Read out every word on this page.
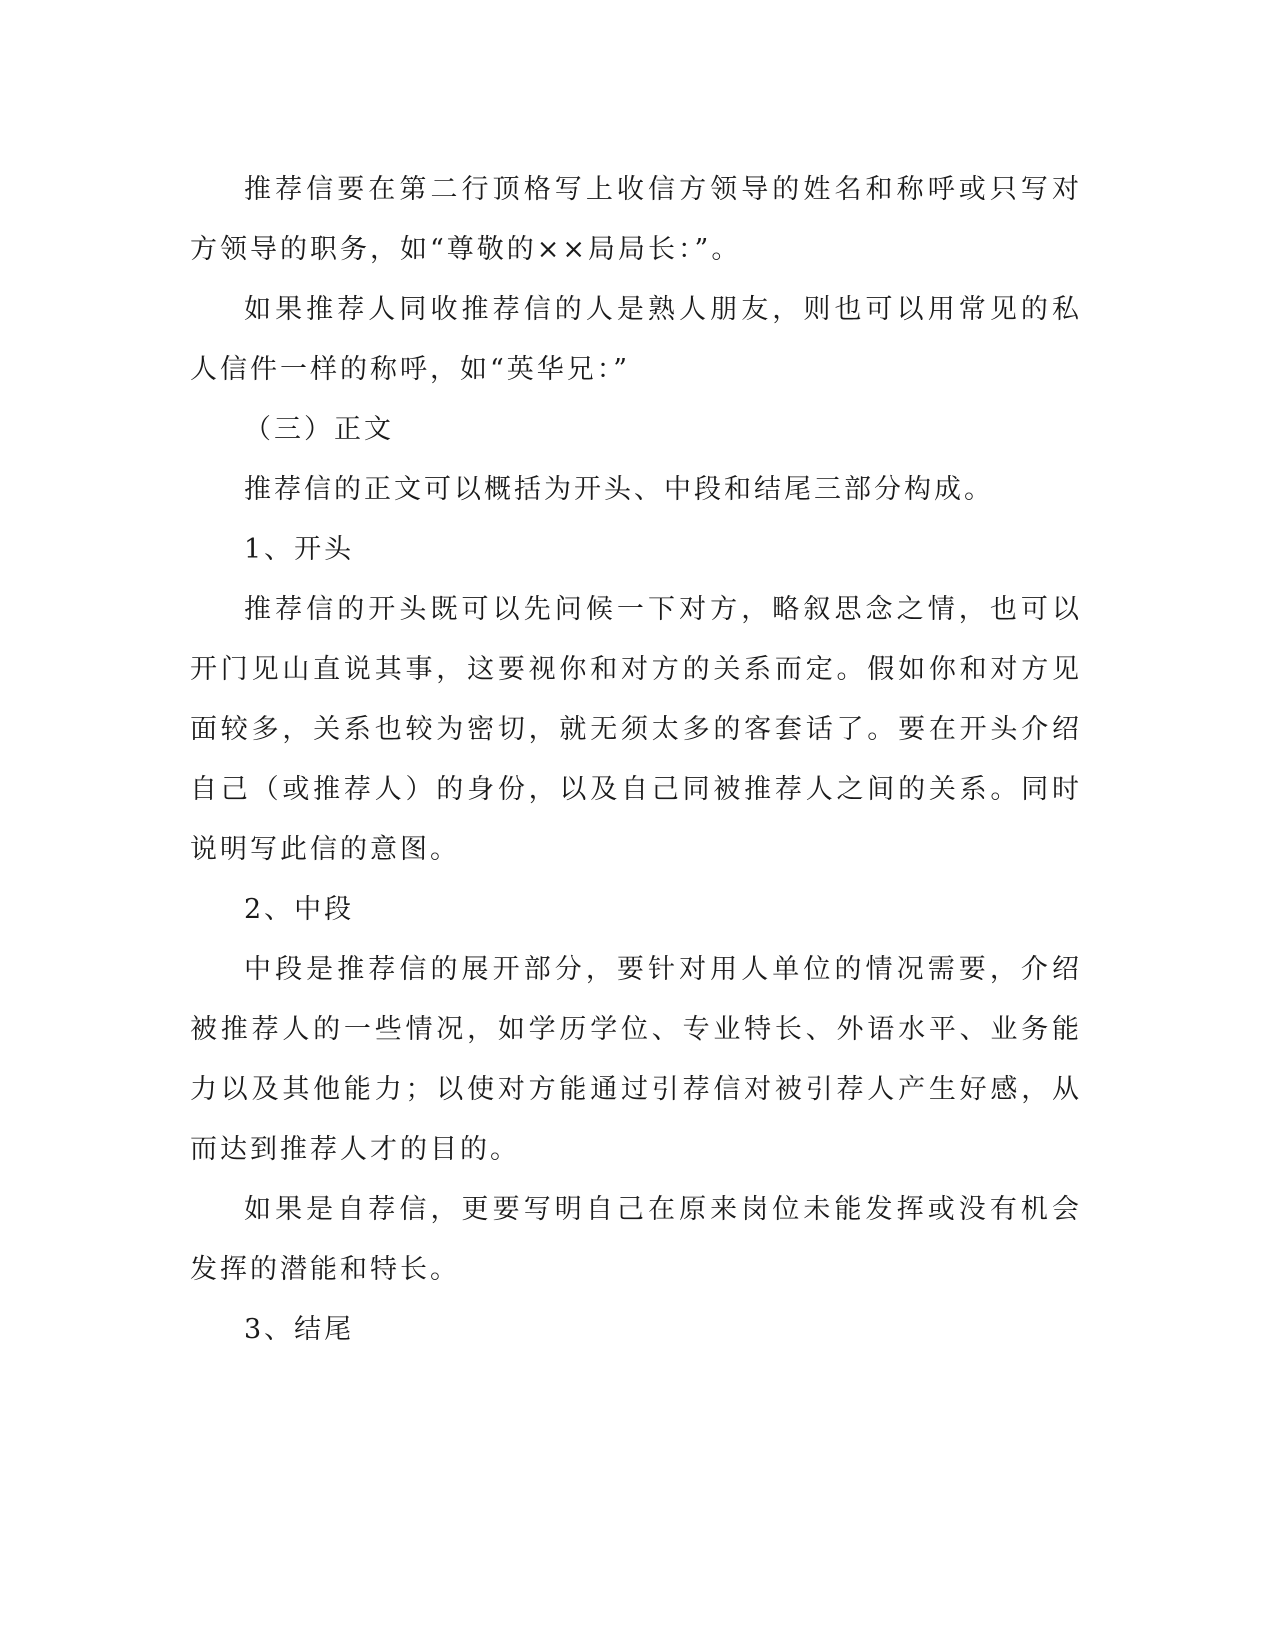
推荐信要在第二行顶格写上收信方领导的姓名和称呼或只写对方领导的职务，如“尊敬的××局局长：”。

如果推荐人同收推荐信的人是熟人朋友，则也可以用常见的私人信件一样的称呼，如“英华兄：”

（三）正文

推荐信的正文可以概括为开头、中段和结尾三部分构成。

1、开头

推荐信的开头既可以先问候一下对方，略叙思念之情，也可以开门见山直说其事，这要视你和对方的关系而定。假如你和对方见面较多，关系也较为密切，就无须太多的客套话了。要在开头介绍自己（或推荐人）的身份，以及自己同被推荐人之间的关系。同时说明写此信的意图。

2、中段

中段是推荐信的展开部分，要针对用人单位的情况需要，介绍被推荐人的一些情况，如学历学位、专业特长、外语水平、业务能力以及其他能力；以使对方能通过引荐信对被引荐人产生好感，从而达到推荐人才的目的。

如果是自荐信，更要写明自己在原来岗位未能发挥或没有机会发挥的潜能和特长。

3、结尾
